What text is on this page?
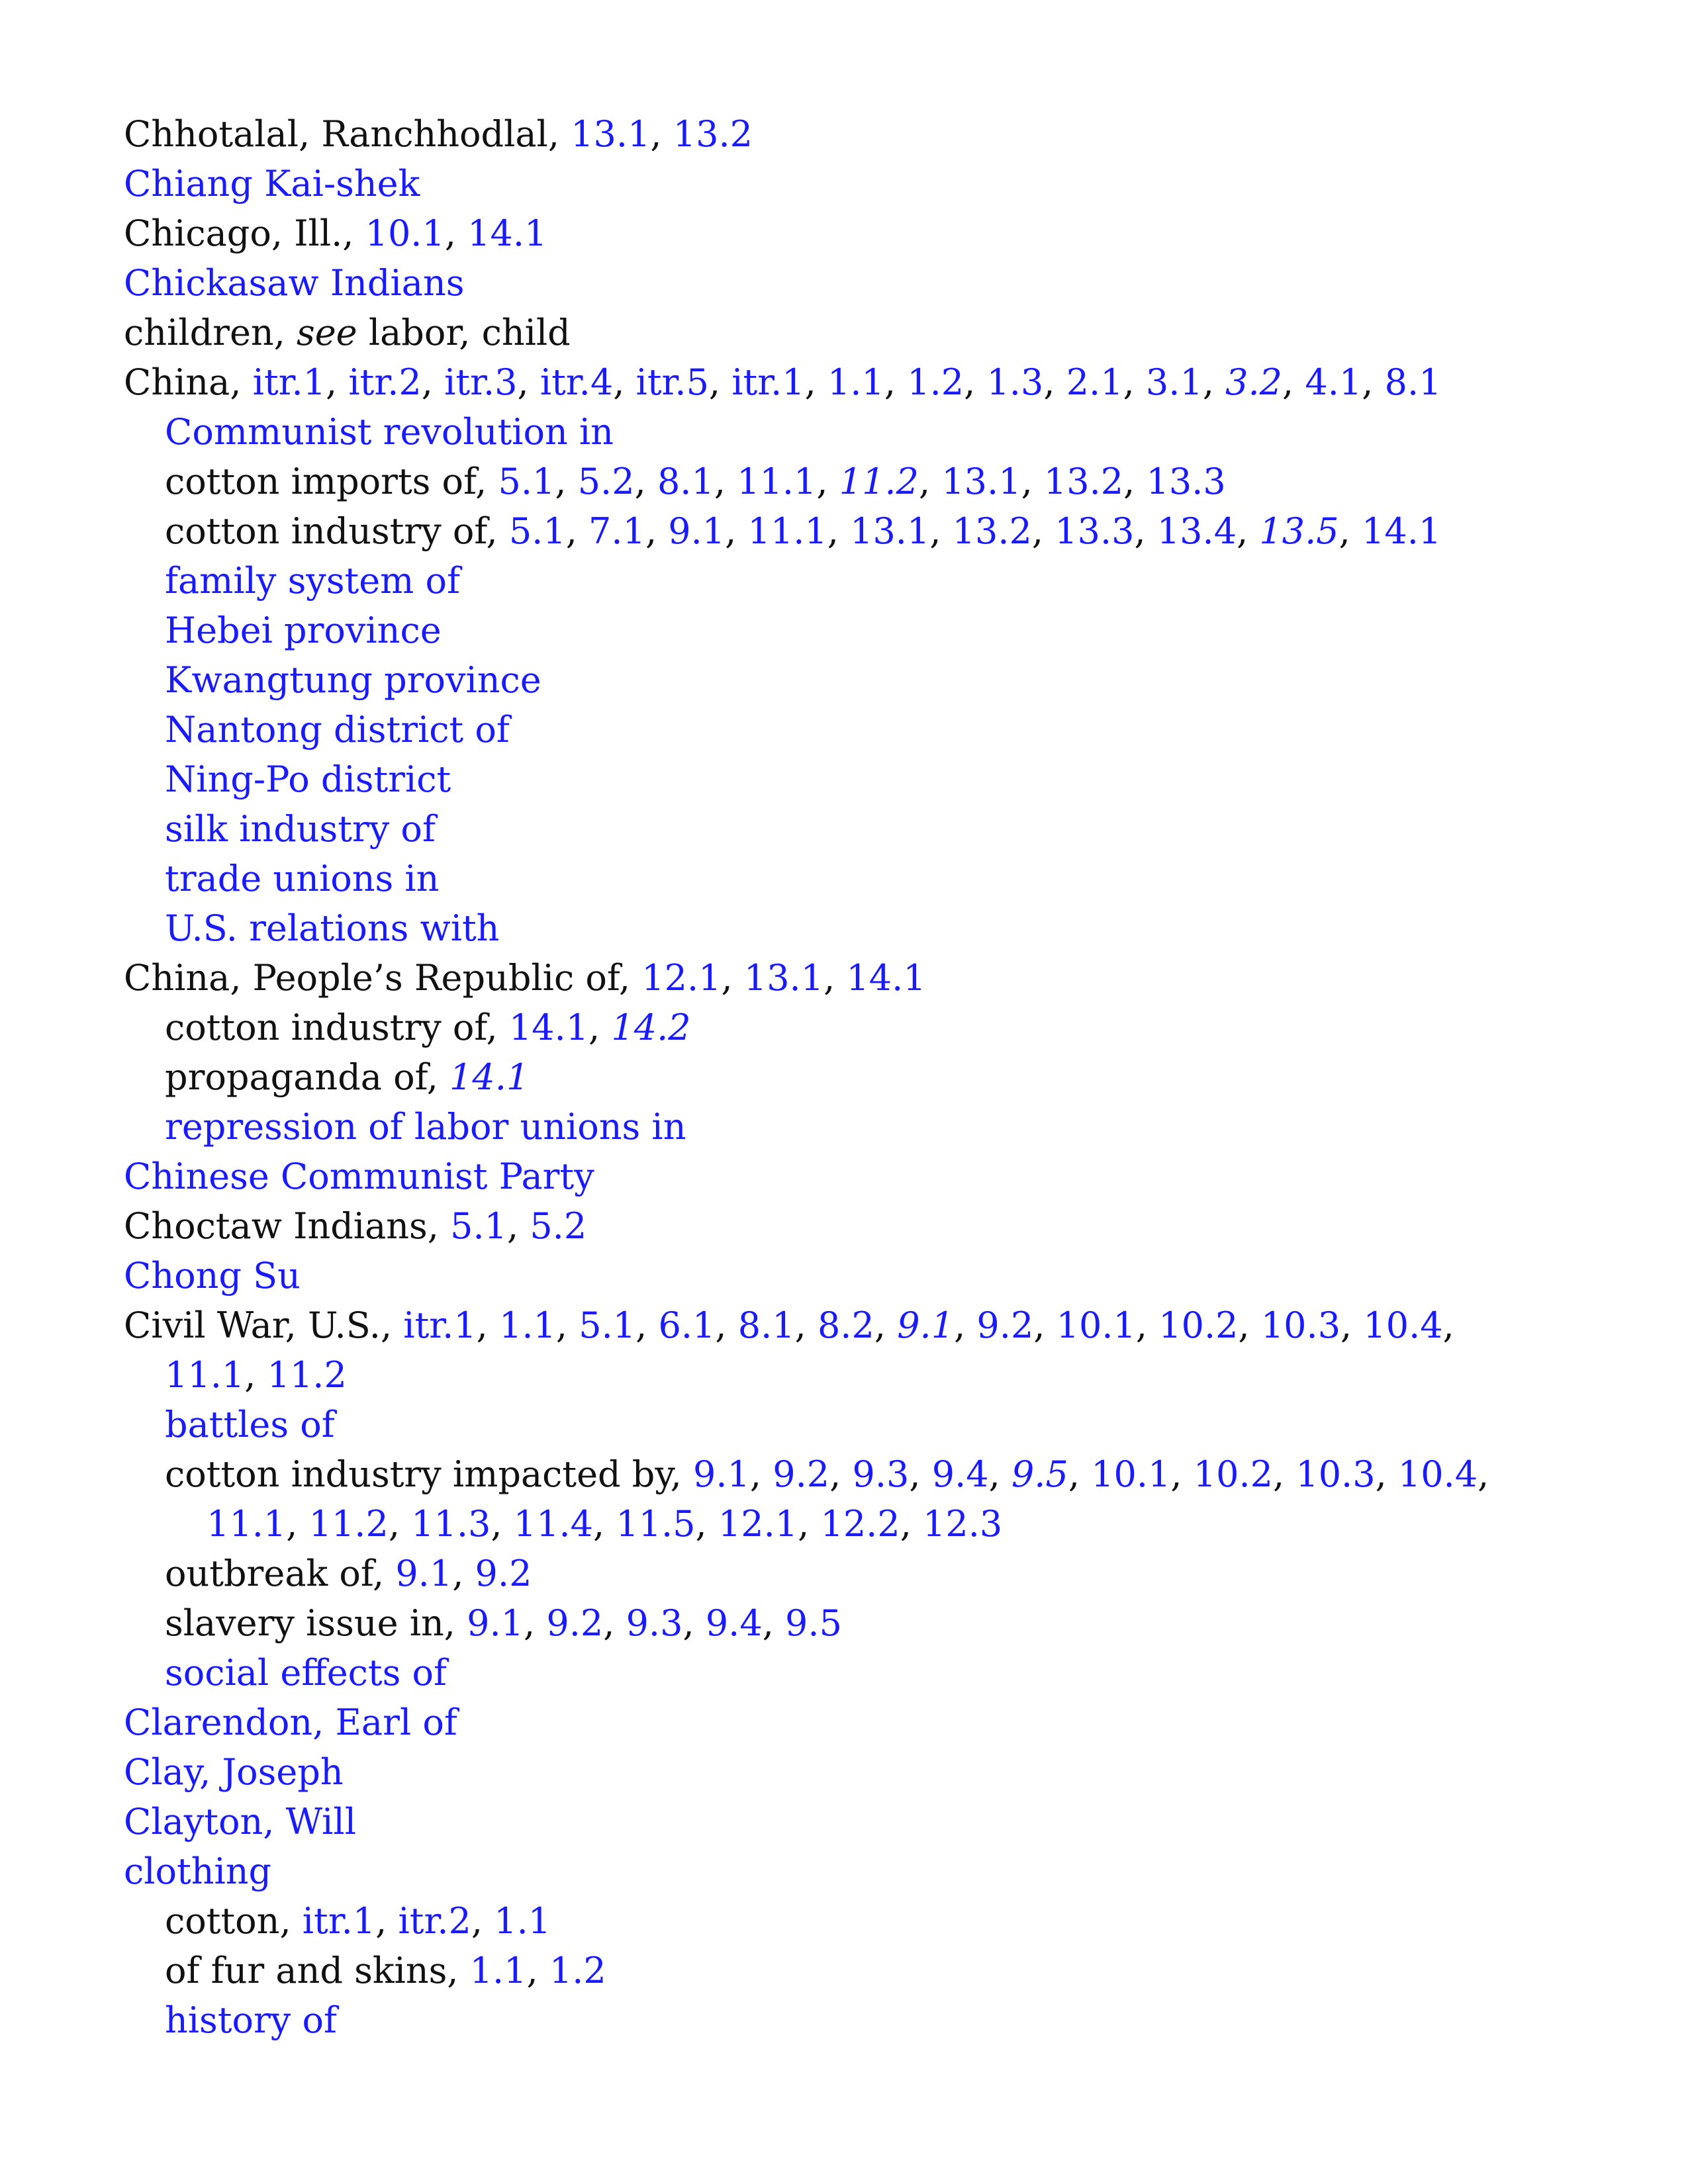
Chhotalal, Ranchhodlal, 13.1, 13.2
Chiang Kai-shek
Chicago, Ill., 10.1, 14.1
Chickasaw Indians
children, see labor, child
China, itr.1, itr.2, itr.3, itr.4, itr.5, itr.1, 1.1, 1.2, 1.3, 2.1, 3.1, 3.2, 4.1, 8.1
Communist revolution in
cotton imports of, 5.1, 5.2, 8.1, 11.1, 11.2, 13.1, 13.2, 13.3
cotton industry of, 5.1, 7.1, 9.1, 11.1, 13.1, 13.2, 13.3, 13.4, 13.5, 14.1
family system of
Hebei province
Kwangtung province
Nantong district of
Ning-Po district
silk industry of
trade unions in
U.S. relations with
China, People’s Republic of, 12.1, 13.1, 14.1
cotton industry of, 14.1, 14.2
propaganda of, 14.1
repression of labor unions in
Chinese Communist Party
Choctaw Indians, 5.1, 5.2
Chong Su
Civil War, U.S., itr.1, 1.1, 5.1, 6.1, 8.1, 8.2, 9.1, 9.2, 10.1, 10.2, 10.3, 10.4,
11.1, 11.2
battles of
cotton industry impacted by, 9.1, 9.2, 9.3, 9.4, 9.5, 10.1, 10.2, 10.3, 10.4,
11.1, 11.2, 11.3, 11.4, 11.5, 12.1, 12.2, 12.3
outbreak of, 9.1, 9.2
slavery issue in, 9.1, 9.2, 9.3, 9.4, 9.5
social effects of
Clarendon, Earl of
Clay, Joseph
Clayton, Will
clothing
cotton, itr.1, itr.2, 1.1
of fur and skins, 1.1, 1.2
history of
